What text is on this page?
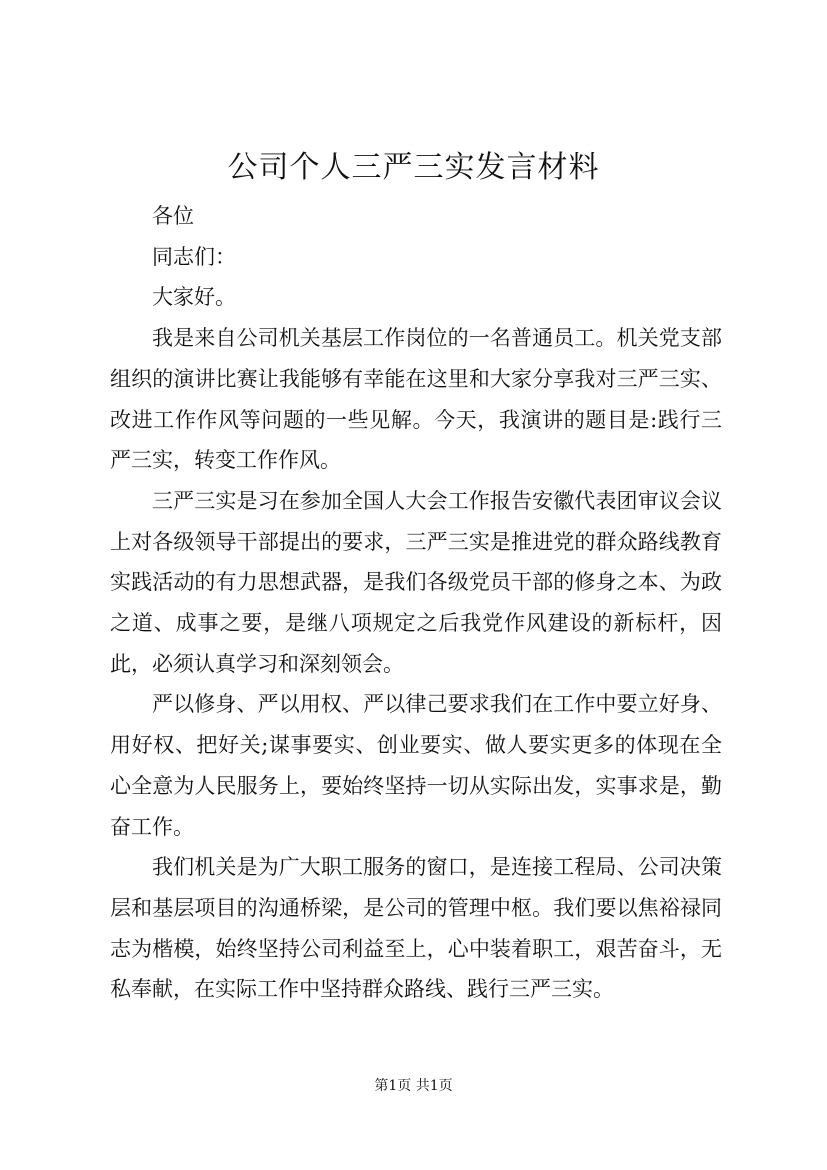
公司个人三严三实发言材料

各位

同志们：

大家好。

我是来自公司机关基层工作岗位的一名普通员工。机关党支部组织的演讲比赛让我能够有幸能在这里和大家分享我对三严三实、改进工作作风等问题的一些见解。今天，我演讲的题目是:践行三严三实，转变工作作风。

三严三实是习在参加全国人大会工作报告安徽代表团审议会议上对各级领导干部提出的要求，三严三实是推进党的群众路线教育实践活动的有力思想武器，是我们各级党员干部的修身之本、为政之道、成事之要，是继八项规定之后我党作风建设的新标杆，因此，必须认真学习和深刻领会。

严以修身、严以用权、严以律己要求我们在工作中要立好身、用好权、把好关;谋事要实、创业要实、做人要实更多的体现在全心全意为人民服务上，要始终坚持一切从实际出发，实事求是，勤奋工作。

我们机关是为广大职工服务的窗口，是连接工程局、公司决策层和基层项目的沟通桥梁，是公司的管理中枢。我们要以焦裕禄同志为楷模，始终坚持公司利益至上，心中装着职工，艰苦奋斗，无私奉献，在实际工作中坚持群众路线、践行三严三实。

第1页 共1页
